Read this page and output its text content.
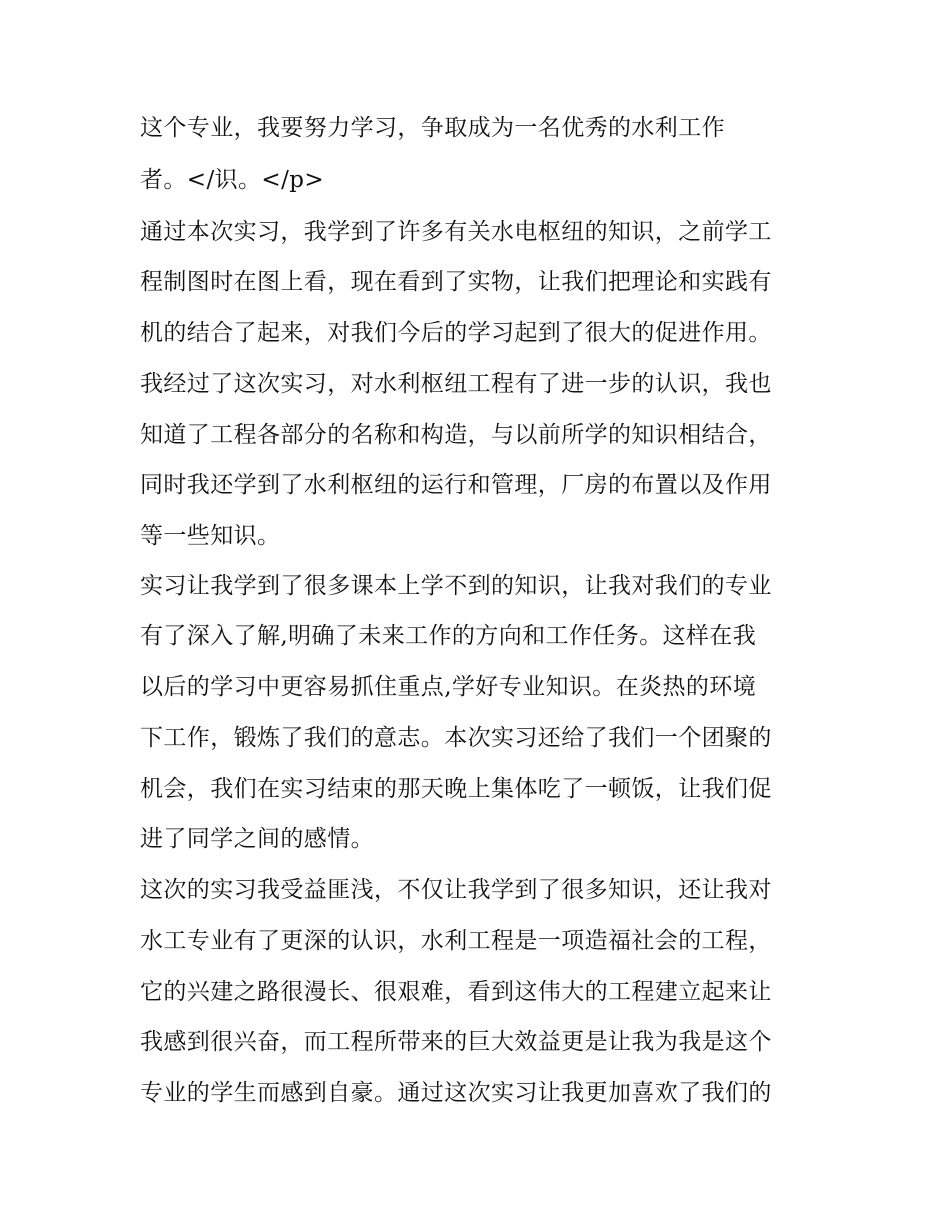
这个专业，我要努力学习，争取成为一名优秀的水利工作
者。</识。</p>
通过本次实习，我学到了许多有关水电枢纽的知识，之前学工
程制图时在图上看，现在看到了实物，让我们把理论和实践有
机的结合了起来，对我们今后的学习起到了很大的促进作用。
我经过了这次实习，对水利枢纽工程有了进一步的认识，我也
知道了工程各部分的名称和构造，与以前所学的知识相结合，
同时我还学到了水利枢纽的运行和管理，厂房的布置以及作用
等一些知识。
实习让我学到了很多课本上学不到的知识，让我对我们的专业
有了深入了解,明确了未来工作的方向和工作任务。这样在我
以后的学习中更容易抓住重点,学好专业知识。在炎热的环境
下工作，锻炼了我们的意志。本次实习还给了我们一个团聚的
机会，我们在实习结束的那天晚上集体吃了一顿饭，让我们促
进了同学之间的感情。
这次的实习我受益匪浅，不仅让我学到了很多知识，还让我对
水工专业有了更深的认识，水利工程是一项造福社会的工程，
它的兴建之路很漫长、很艰难，看到这伟大的工程建立起来让
我感到很兴奋，而工程所带来的巨大效益更是让我为我是这个
专业的学生而感到自豪。通过这次实习让我更加喜欢了我们的
